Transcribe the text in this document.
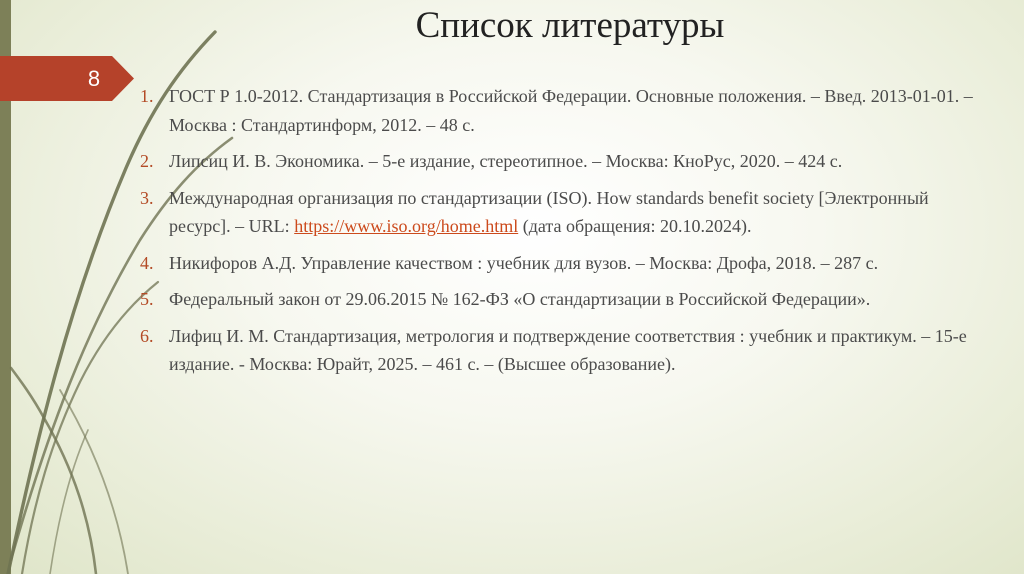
Список литературы
8
1. ГОСТ Р 1.0-2012. Стандартизация в Российской Федерации. Основные положения. – Введ. 2013-01-01. – Москва : Стандартинформ, 2012. – 48 с.
2. Липсиц И. В. Экономика. – 5-е издание, стереотипное. – Москва: КноРус, 2020. – 424 с.
3. Международная организация по стандартизации (ISO). How standards benefit society [Электронный ресурс]. – URL: https://www.iso.org/home.html (дата обращения: 20.10.2024).
4. Никифоров А.Д. Управление качеством : учебник для вузов. – Москва: Дрофа, 2018. – 287 с.
5. Федеральный закон от 29.06.2015 № 162-ФЗ «О стандартизации в Российской Федерации».
6. Лифиц И. М. Стандартизация, метрология и подтверждение соответствия : учебник и практикум. – 15-е издание. - Москва: Юрайт, 2025. – 461 с. – (Высшее образование).
